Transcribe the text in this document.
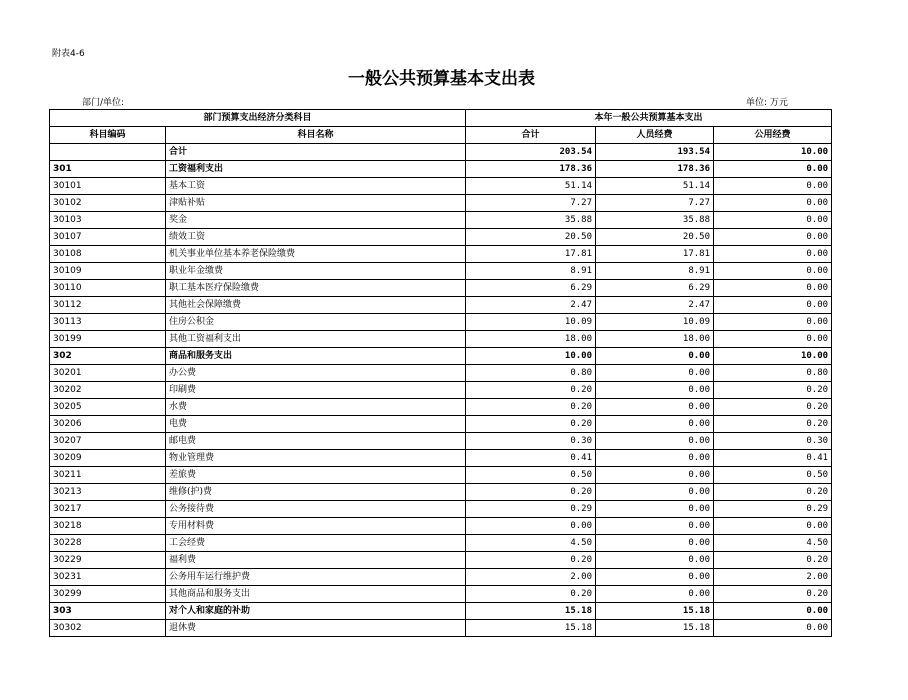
附表4-6
一般公共预算基本支出表
部门/单位:	单位: 万元
部门预算支出经济分类科目		本年一般公共预算基本支出		
科目编码	科目名称	合计	人员经费	公用经费
	合计	203.54	193.54	10.00
301	工资福利支出	178.36	178.36	0.00
30101	基本工资	51.14	51.14	0.00
30102	津贴补贴	7.27	7.27	0.00
30103	奖金	35.88	35.88	0.00
30107	绩效工资	20.50	20.50	0.00
30108	机关事业单位基本养老保险缴费	17.81	17.81	0.00
30109	职业年金缴费	8.91	8.91	0.00
30110	职工基本医疗保险缴费	6.29	6.29	0.00
30112	其他社会保障缴费	2.47	2.47	0.00
30113	住房公积金	10.09	10.09	0.00
30199	其他工资福利支出	18.00	18.00	0.00
302	商品和服务支出	10.00	0.00	10.00
30201	办公费	0.80	0.00	0.80
30202	印刷费	0.20	0.00	0.20
30205	水费	0.20	0.00	0.20
30206	电费	0.20	0.00	0.20
30207	邮电费	0.30	0.00	0.30
30209	物业管理费	0.41	0.00	0.41
30211	差旅费	0.50	0.00	0.50
30213	维修(护)费	0.20	0.00	0.20
30217	公务接待费	0.29	0.00	0.29
30218	专用材料费	0.00	0.00	0.00
30228	工会经费	4.50	0.00	4.50
30229	福利费	0.20	0.00	0.20
30231	公务用车运行维护费	2.00	0.00	2.00
30299	其他商品和服务支出	0.20	0.00	0.20
303	对个人和家庭的补助	15.18	15.18	0.00
30302	退休费	15.18	15.18	0.00
